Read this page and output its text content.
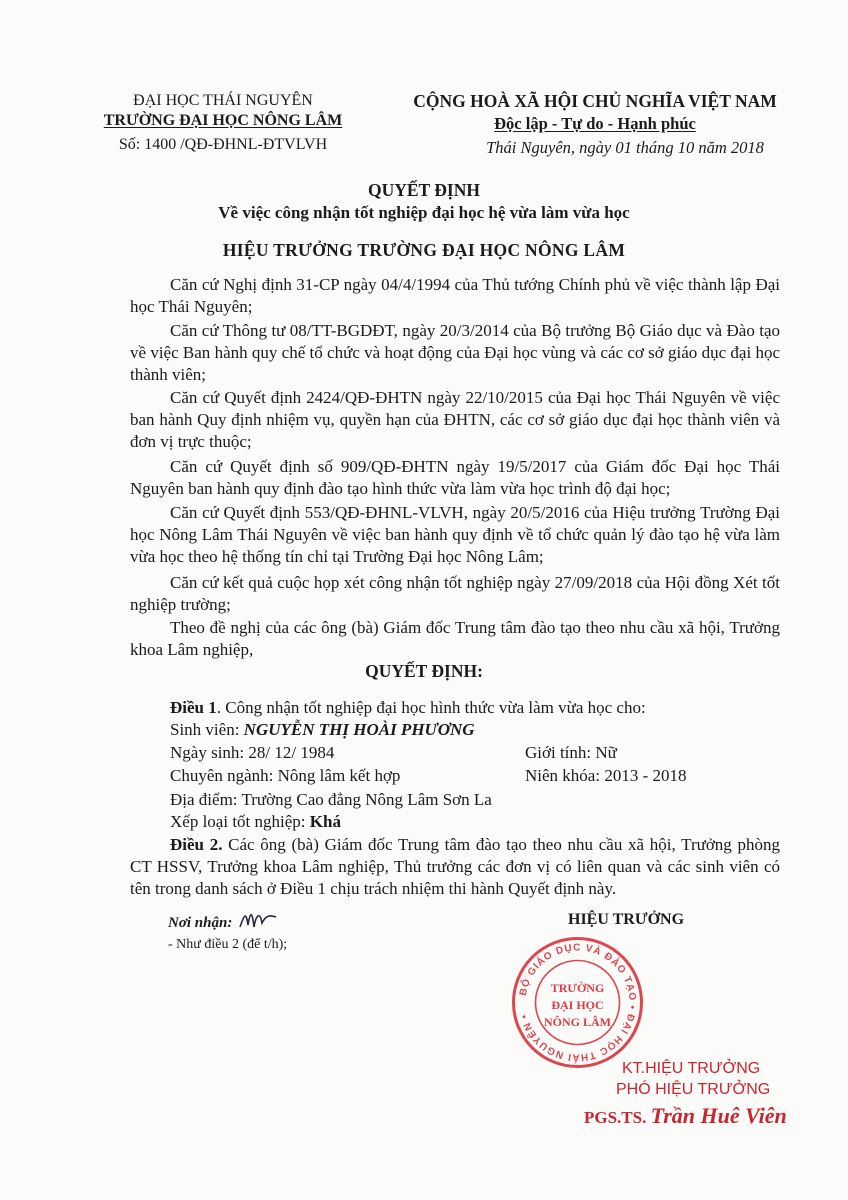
ĐẠI HỌC THÁI NGUYÊN
TRƯỜNG ĐẠI HỌC NÔNG LÂM
Số: 1400 /QĐ-ĐHNL-ĐTVLVH
CỘNG HOÀ XÃ HỘI CHỦ NGHĨA VIỆT NAM
Độc lập - Tự do - Hạnh phúc
Thái Nguyên, ngày 01 tháng 10 năm 2018
QUYẾT ĐỊNH
Về việc công nhận tốt nghiệp đại học hệ vừa làm vừa học
HIỆU TRƯỞNG TRƯỜNG ĐẠI HỌC NÔNG LÂM
Căn cứ Nghị định 31-CP ngày 04/4/1994 của Thủ tướng Chính phủ về việc thành lập Đại học Thái Nguyên;
Căn cứ Thông tư 08/TT-BGDĐT, ngày 20/3/2014 của Bộ trưởng Bộ Giáo dục và Đào tạo về việc Ban hành quy chế tổ chức và hoạt động của Đại học vùng và các cơ sở giáo dục đại học thành viên;
Căn cứ Quyết định 2424/QĐ-ĐHTN ngày 22/10/2015 của Đại học Thái Nguyên về việc ban hành Quy định nhiệm vụ, quyền hạn của ĐHTN, các cơ sở giáo dục đại học thành viên và đơn vị trực thuộc;
Căn cứ Quyết định số 909/QĐ-ĐHTN ngày 19/5/2017 của Giám đốc Đại học Thái Nguyên ban hành quy định đào tạo hình thức vừa làm vừa học trình độ đại học;
Căn cứ Quyết định 553/QĐ-ĐHNL-VLVH, ngày 20/5/2016 của Hiệu trưởng Trường Đại học Nông Lâm Thái Nguyên về việc ban hành quy định về tổ chức quản lý đào tạo hệ vừa làm vừa học theo hệ thống tín chỉ tại Trường Đại học Nông Lâm;
Căn cứ kết quả cuộc họp xét công nhận tốt nghiệp ngày 27/09/2018 của Hội đồng Xét tốt nghiệp trường;
Theo đề nghị của các ông (bà) Giám đốc Trung tâm đào tạo theo nhu cầu xã hội, Trưởng khoa Lâm nghiệp,
QUYẾT ĐỊNH:
Điều 1. Công nhận tốt nghiệp đại học hình thức vừa làm vừa học cho:
Sinh viên: NGUYỄN THỊ HOÀI PHƯƠNG
Ngày sinh: 28/ 12/ 1984	Giới tính: Nữ
Chuyên ngành: Nông lâm kết hợp	Niên khóa: 2013 - 2018
Địa điểm: Trường Cao đẳng Nông Lâm Sơn La
Xếp loại tốt nghiệp: Khá
Điều 2. Các ông (bà) Giám đốc Trung tâm đào tạo theo nhu cầu xã hội, Trưởng phòng CT HSSV, Trưởng khoa Lâm nghiệp, Thủ trưởng các đơn vị có liên quan và các sinh viên có tên trong danh sách ở Điều 1 chịu trách nhiệm thi hành Quyết định này.
Nơi nhận:
- Như điều 2 (để t/h);
HIỆU TRƯỞNG
BỘ GIÁO DỤC VÀ ĐÀO TẠO • ĐẠI HỌC THÁI NGUYÊN •
TRƯỜNG
ĐẠI HỌC
NÔNG LÂM
KT.HIỆU TRƯỞNG
PHÓ HIỆU TRƯỞNG
PGS.TS. Trần Huê Viên
